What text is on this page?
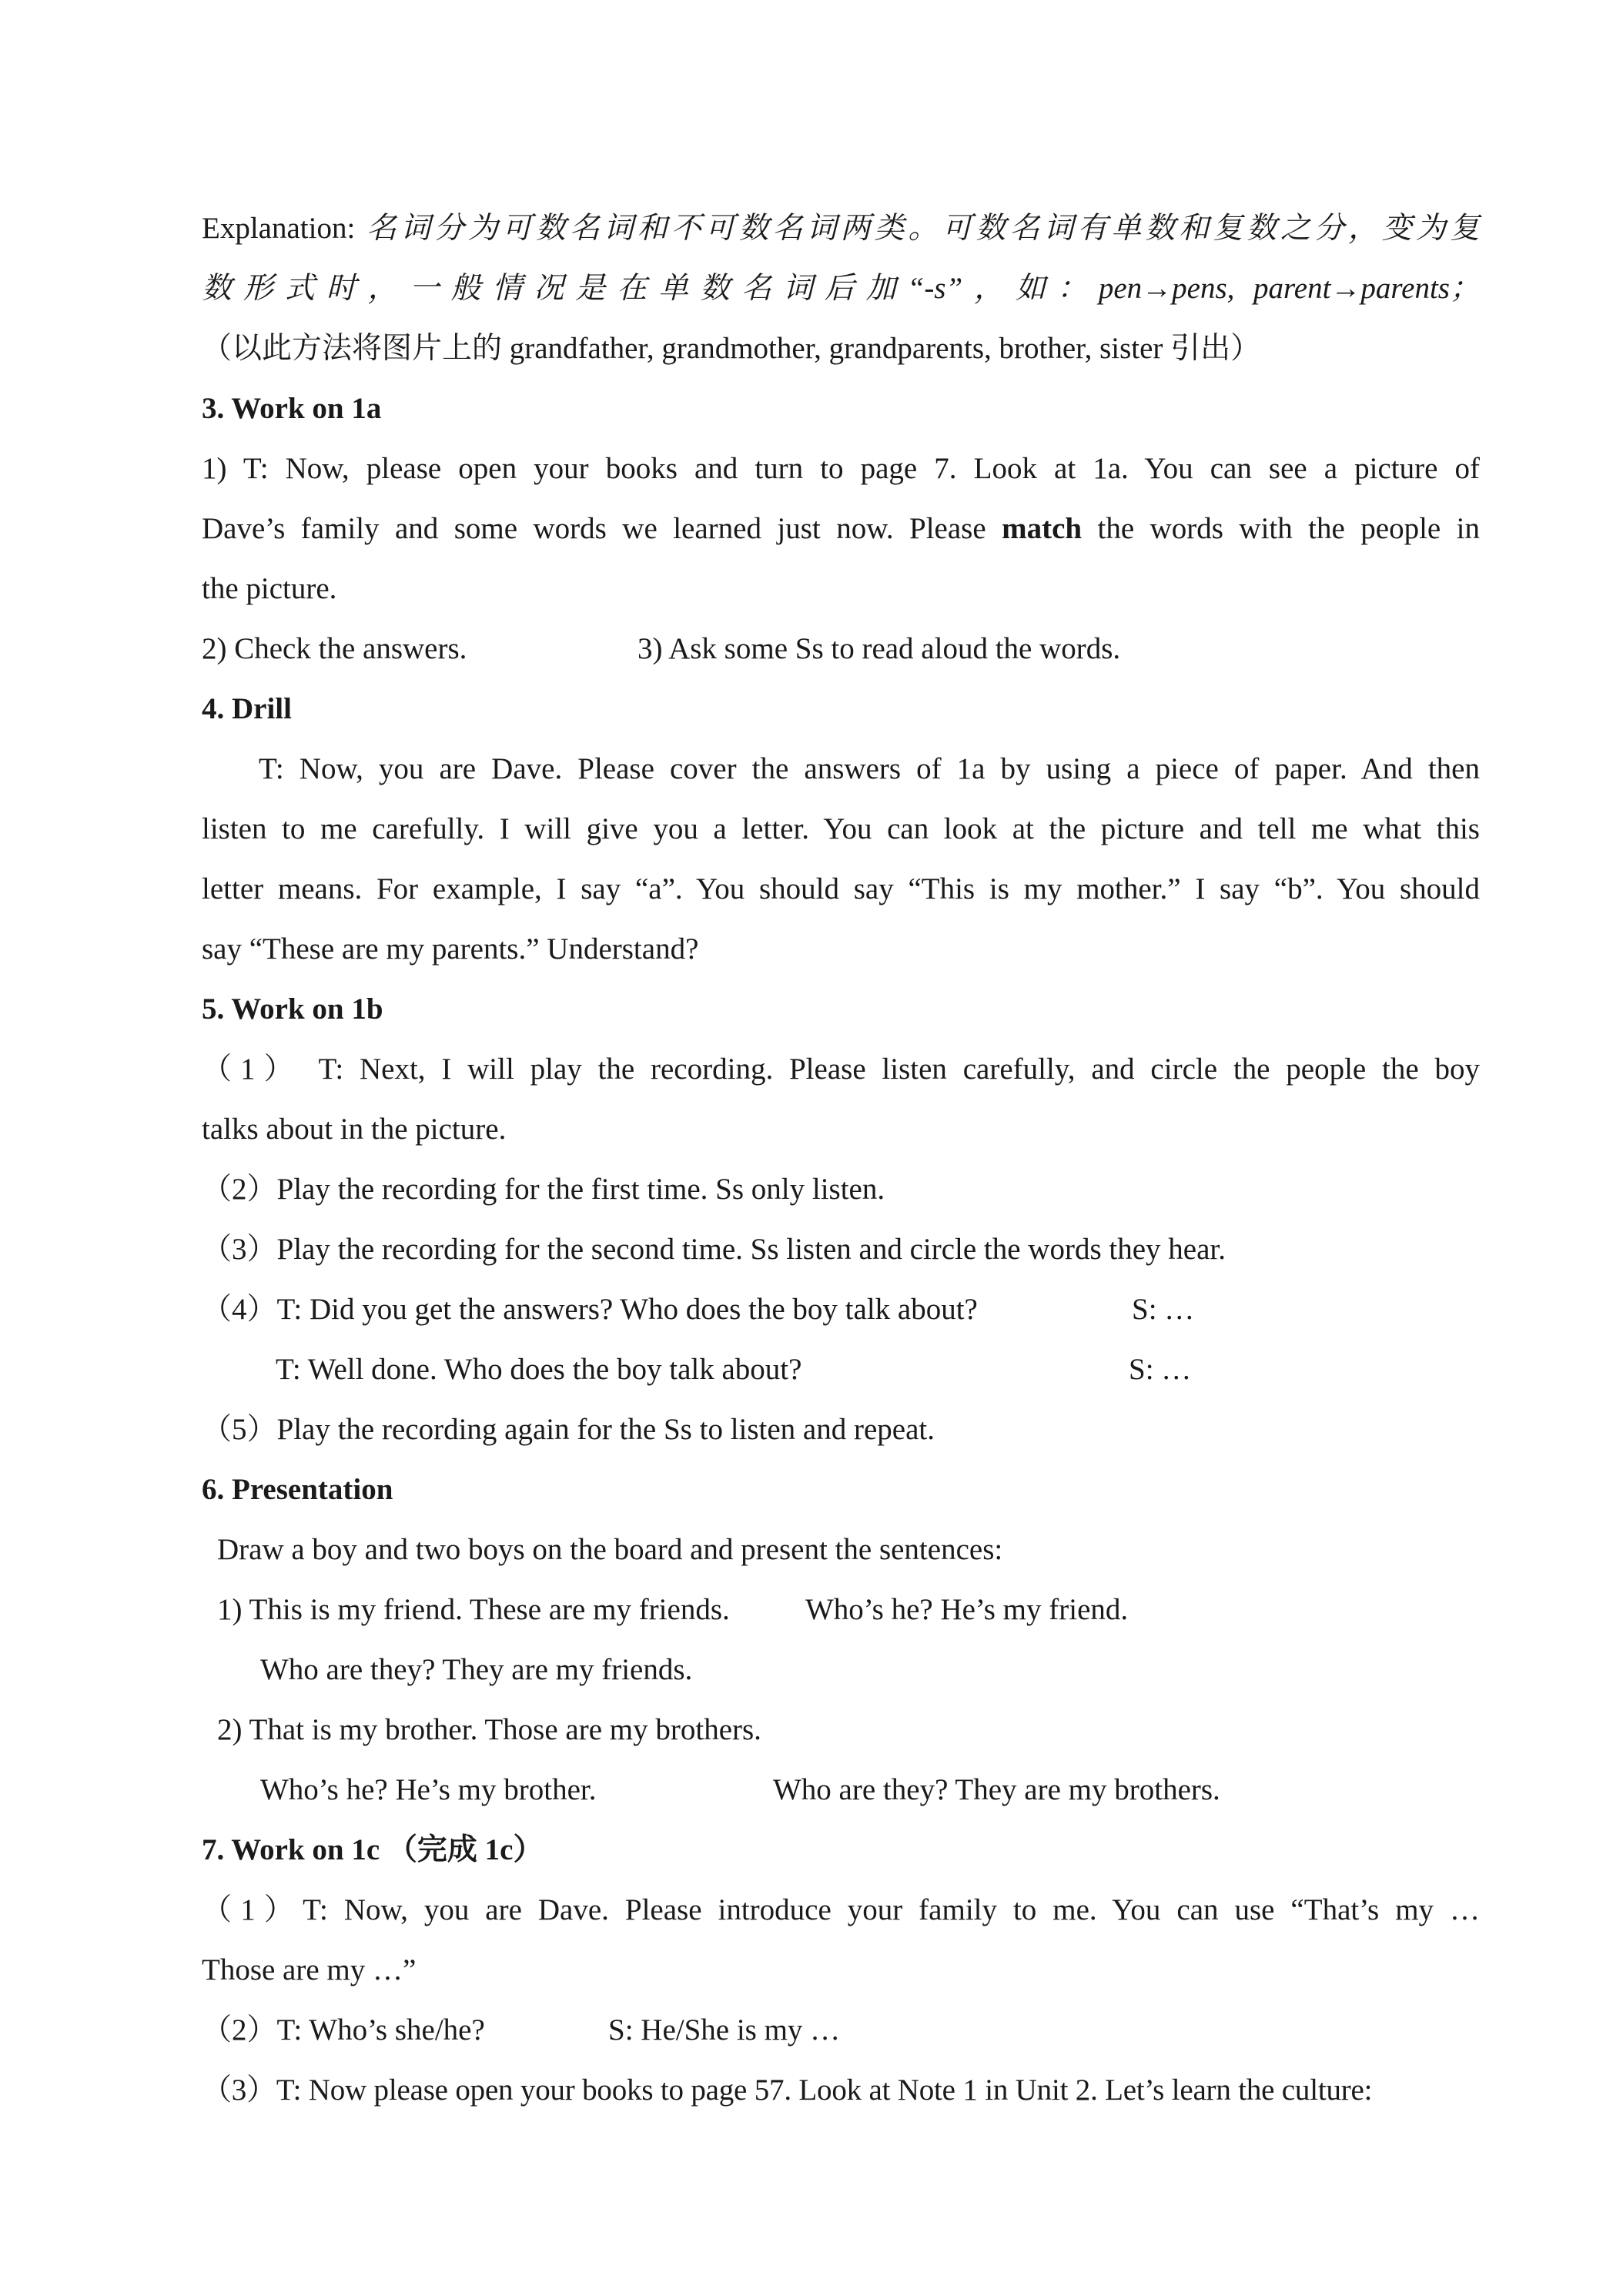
Explanation: 名词分为可数名词和不可数名词两类。可数名词有单数和复数之分，变为复
数形式时，一般情况是在单数名词后加“-s”，如：pen→pens, parent→parents；
（以此方法将图片上的 grandfather, grandmother, grandparents, brother, sister 引出）
3. Work on 1a
1) T: Now, please open your books and turn to page 7. Look at 1a. You can see a picture of
Dave’s family and some words we learned just now. Please match the words with the people in
the picture.
2) Check the answers.	3) Ask some Ss to read aloud the words.
4. Drill
T: Now, you are Dave. Please cover the answers of 1a by using a piece of paper. And then
listen to me carefully. I will give you a letter. You can look at the picture and tell me what this
letter means. For example, I say “a”. You should say “This is my mother.” I say “b”. You should
say “These are my parents.” Understand?
5. Work on 1b
（1） T: Next, I will play the recording. Please listen carefully, and circle the people the boy
talks about in the picture.
（2）Play the recording for the first time. Ss only listen.
（3）Play the recording for the second time. Ss listen and circle the words they hear.
（4）T: Did you get the answers? Who does the boy talk about?	S: …
T: Well done. Who does the boy talk about?	S: …
（5）Play the recording again for the Ss to listen and repeat.
6. Presentation
Draw a boy and two boys on the board and present the sentences:
1) This is my friend. These are my friends.	Who’s he? He’s my friend.
Who are they? They are my friends.
2) That is my brother. Those are my brothers.
Who’s he? He’s my brother.	Who are they? They are my brothers.
7. Work on 1c （完成 1c）
（1）T: Now, you are Dave. Please introduce your family to me. You can use “That’s my …
Those are my …”
（2）T: Who’s she/he?	S: He/She is my …
（3）T: Now please open your books to page 57. Look at Note 1 in Unit 2. Let’s learn the culture:
